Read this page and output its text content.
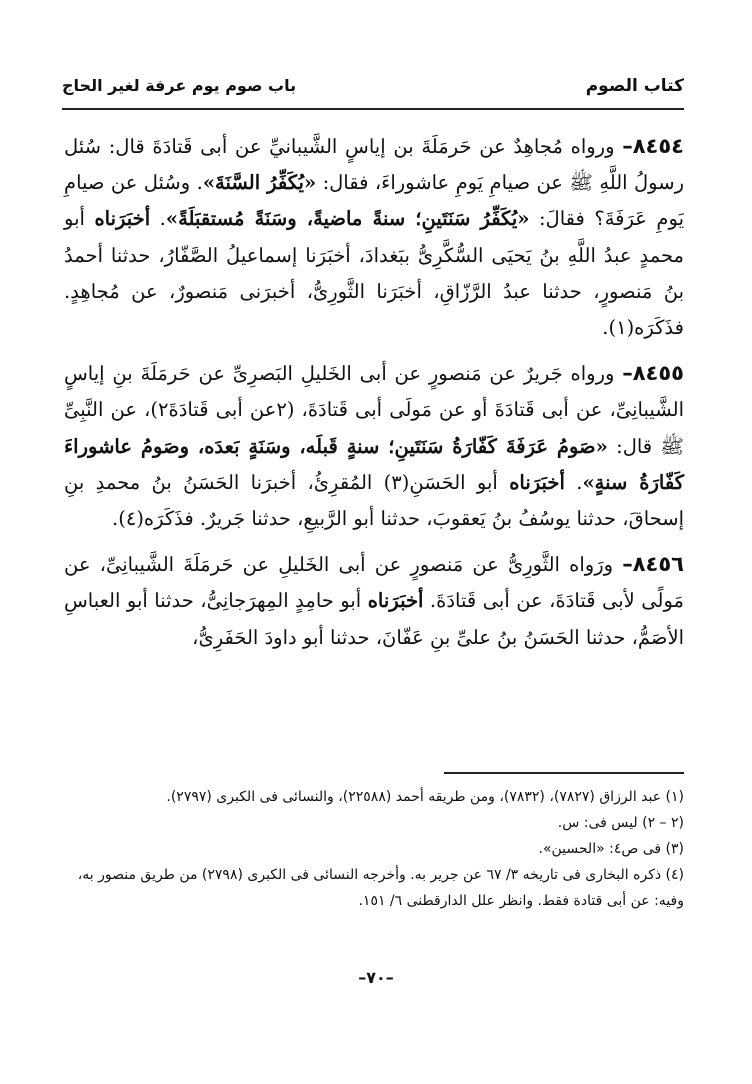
كتاب الصوم
باب صوم يوم عرفة لغير الحاج

٨٤٥٤– ورواه مُجاهِدٌ عن حَرمَلَةَ بن إياسٍ الشَّيبانيِّ عن أبى قَتادَةَ قال: سُئل رسولُ اللَّهِ ﷺ عن صيامِ يَومِ عاشوراءَ، فقال: «يُكَفِّرُ السَّنَةَ». وسُئل عن صيامِ يَومِ عَرَفَةَ؟ فقالَ: «يُكَفِّرُ سَنَتَينِ؛ سنةً ماضيةً، وسَنَةً مُستقبَلَةً». أخبَرَناه أبو محمدٍ عبدُ اللَّهِ بنُ يَحيَى السُّكَّرِىُّ ببَغدادَ، أخبَرَنا إسماعيلُ الصَّفّارُ، حدثنا أحمدُ بنُ مَنصورٍ، حدثنا عبدُ الرَّزّاقِ، أخبَرَنا الثَّورِىُّ، أخبرَنى مَنصورٌ، عن مُجاهِدٍ. فذَكَرَه(١).

٨٤٥٥– ورواه جَريرٌ عن مَنصورٍ عن أبى الخَليلِ البَصرِىِّ عن حَرمَلَةَ بنِ إياسٍ الشَّيبانِىِّ، عن أبى قَتادَةَ أو عن مَولَى أبى قَتادَةَ، (٢عن أبى قَتادَةَ٢)، عن النَّبِىِّ ﷺ قال: «صَومُ عَرَفَةَ كَفّارَةُ سَنَتَينِ؛ سنةٍ قَبلَه، وسَنَةٍ بَعدَه، وصَومُ عاشوراءَ كَفّارَةُ سنةٍ». أخبَرَناه أبو الحَسَنِ(٣) المُقرِئُ، أخبرَنا الحَسَنُ بنُ محمدِ بنِ إسحاقَ، حدثنا يوسُفُ بنُ يَعقوبَ، حدثنا أبو الرَّبيعِ، حدثنا جَريرٌ. فذَكَرَه(٤).

٨٤٥٦– ورَواه الثَّورِىُّ عن مَنصورٍ عن أبى الخَليلِ عن حَرمَلَةَ الشَّيبانِىِّ، عن مَولًى لأبى قَتادَةَ، عن أبى قَتادَةَ. أخبَرَناه أبو حامِدٍ المِهرَجانِىُّ، حدثنا أبو العباسِ الأصَمُّ، حدثنا الحَسَنُ بنُ علىِّ بنِ عَفّانَ، حدثنا أبو داودَ الحَفَرِىُّ،

(١) عبد الرزاق (٧٨٢٧)، (٧٨٣٢)، ومن طريقه أحمد (٢٢٥٨٨)، والنسائى فى الكبرى (٢٧٩٧).

(٢ – ٢) ليس فى: س.

(٣) فى ص٤: «الحسين».

(٤) ذكره البخارى فى تاريخه ٣/ ٦٧ عن جرير به. وأخرجه النسائى فى الكبرى (٢٧٩٨) من طريق منصور به، وفيه: عن أبى قتادة فقط. وانظر علل الدارقطنى ٦/ ١٥١.

–٧٠–
